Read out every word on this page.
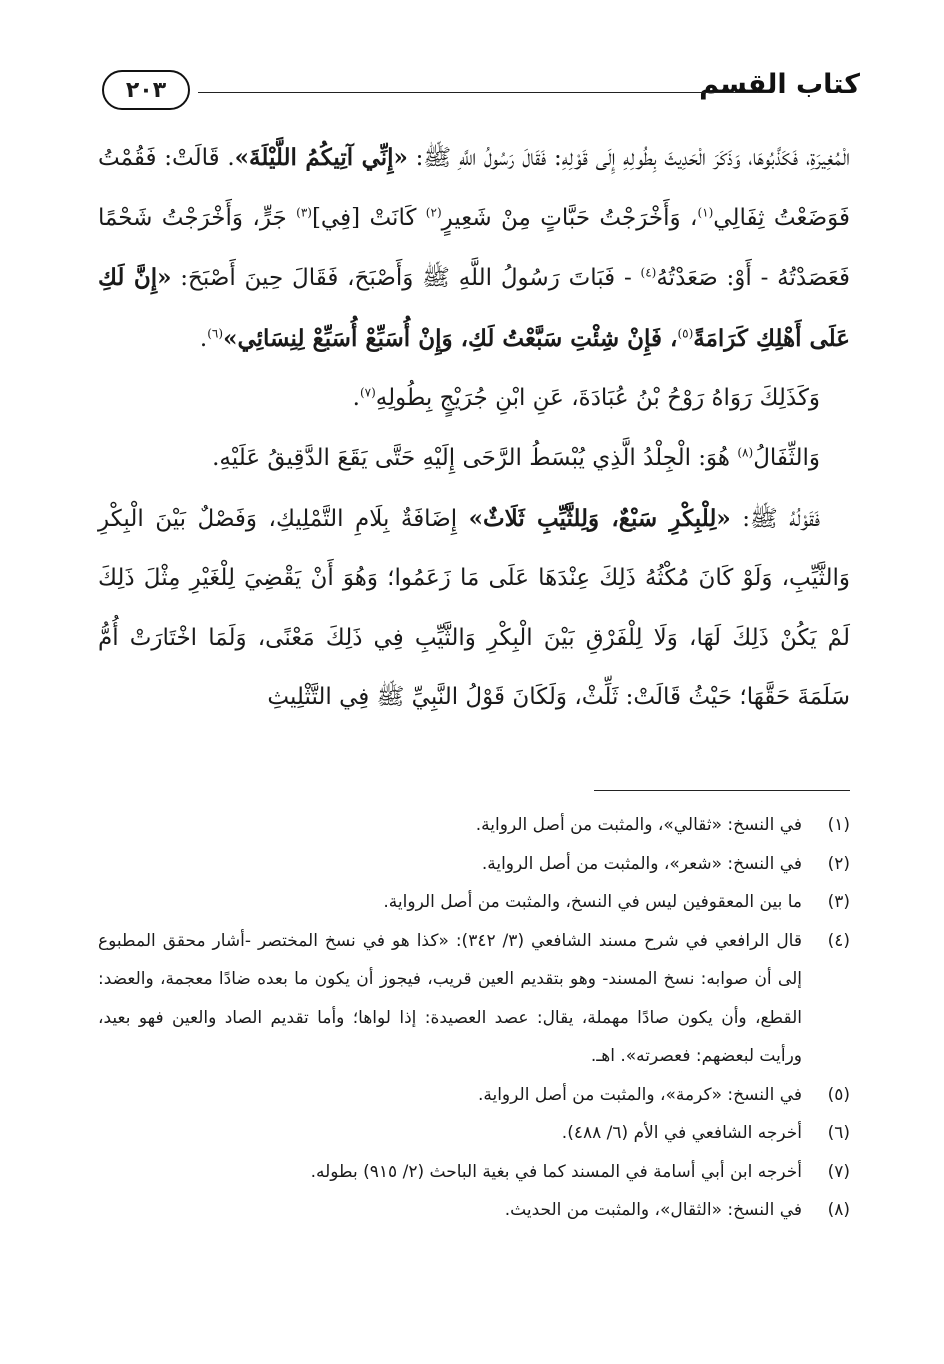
كتاب القسم
٢٠٣

الْمُغِيرَةِ، فَكَذَّبُوهَا، وَذَكَرَ الْحَدِيثَ بِطُولِهِ إِلَى قَوْلِهِ: فَقَالَ رَسُولُ اللَّهِ ﷺ: «إِنِّي آتِيكُمُ اللَّيْلَةَ». قَالَتْ: فَقُمْتُ فَوَضَعْتُ ثِفَالِي$^{(١)}$، وَأَخْرَجْتُ حَبَّاتٍ مِنْ شَعِيرٍ$^{(٢)}$ كَانَتْ [فِي]$^{(٣)}$ جَرٍّ، وَأَخْرَجْتُ شَحْمًا فَعَصَدْتُهُ - أَوْ: صَعَدْتُهُ$^{(٤)}$ - فَبَاتَ رَسُولُ اللَّهِ ﷺ وَأَصْبَحَ، فَقَالَ حِينَ أَصْبَحَ: «إِنَّ لَكِ عَلَى أَهْلِكِ كَرَامَةً$^{(٥)}$، فَإِنْ شِئْتِ سَبَّعْتُ لَكِ، وَإِنْ أُسَبِّعْ أُسَبِّعْ لِنِسَائِي»$^{(٦)}$.

وَكَذَلِكَ رَوَاهُ رَوْحُ بْنُ عُبَادَةَ، عَنِ ابْنِ جُرَيْجٍ بِطُولِهِ$^{(٧)}$.

وَالثِّفَالُ$^{(٨)}$ هُوَ: الْجِلْدُ الَّذِي يُبْسَطُ الرَّحَى إِلَيْهِ حَتَّى يَقَعَ الدَّقِيقُ عَلَيْهِ.

فَقَوْلُهُ ﷺ: «لِلْبِكْرِ سَبْعٌ، وَلِلثَّيِّبِ ثَلَاثٌ» إِضَافَةٌ بِلَامِ التَّمْلِيكِ، وَفَصْلٌ بَيْنَ الْبِكْرِ وَالثَّيِّبِ، وَلَوْ كَانَ مُكْثُهُ ذَلِكَ عِنْدَهَا عَلَى مَا زَعَمُوا؛ وَهُوَ أَنْ يَقْضِيَ لِلْغَيْرِ مِثْلَ ذَلِكَ لَمْ يَكُنْ ذَلِكَ لَهَا، وَلَا لِلْفَرْقِ بَيْنَ الْبِكْرِ وَالثَّيِّبِ فِي ذَلِكَ مَعْنًى، وَلَمَا اخْتَارَتْ أُمُّ سَلَمَةَ حَقَّهَا؛ حَيْثُ قَالَتْ: ثَلِّثْ، وَلَكَانَ قَوْلُ النَّبِيِّ ﷺ فِي التَّثْلِيثِ

(١)
في النسخ: «ثقالي»، والمثبت من أصل الرواية.
(٢)
في النسخ: «شعر»، والمثبت من أصل الرواية.
(٣)
ما بين المعقوفين ليس في النسخ، والمثبت من أصل الرواية.
(٤)
قال الرافعي في شرح مسند الشافعي (٣/ ٣٤٢): «كذا هو في نسخ المختصر -أشار محقق المطبوع إلى أن صوابه: نسخ المسند- وهو بتقديم العين قريب، فيجوز أن يكون ما بعده ضادًا معجمة، والعضد: القطع، وأن يكون صادًا مهملة، يقال: عصد العصيدة: إذا لواها؛ وأما تقديم الصاد والعين فهو بعيد، ورأيت لبعضهم: فعصرته». اهـ.
(٥)
في النسخ: «كرمة»، والمثبت من أصل الرواية.
(٦)
أخرجه الشافعي في الأم (٦/ ٤٨٨).
(٧)
أخرجه ابن أبي أسامة في المسند كما في بغية الباحث (٢/ ٩١٥) بطوله.
(٨)
في النسخ: «الثقال»، والمثبت من الحديث.
